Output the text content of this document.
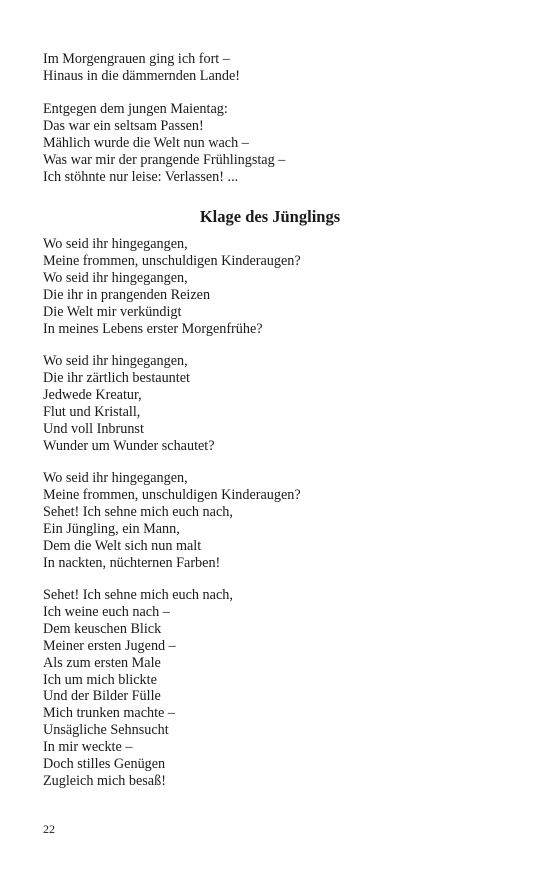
Im Morgengrauen ging ich fort –
Hinaus in die dämmernden Lande!
Entgegen dem jungen Maientag:
Das war ein seltsam Passen!
Mählich wurde die Welt nun wach –
Was war mir der prangende Frühlingstag –
Ich stöhnte nur leise: Verlassen! ...
Klage des Jünglings
Wo seid ihr hingegangen,
Meine frommen, unschuldigen Kinderaugen?
Wo seid ihr hingegangen,
Die ihr in prangenden Reizen
Die Welt mir verkündigt
In meines Lebens erster Morgenfrühe?
Wo seid ihr hingegangen,
Die ihr zärtlich bestauntet
Jedwede Kreatur,
Flut und Kristall,
Und voll Inbrunst
Wunder um Wunder schautet?
Wo seid ihr hingegangen,
Meine frommen, unschuldigen Kinderaugen?
Sehet! Ich sehne mich euch nach,
Ein Jüngling, ein Mann,
Dem die Welt sich nun malt
In nackten, nüchternen Farben!
Sehet! Ich sehne mich euch nach,
Ich weine euch nach –
Dem keuschen Blick
Meiner ersten Jugend –
Als zum ersten Male
Ich um mich blickte
Und der Bilder Fülle
Mich trunken machte –
Unsägliche Sehnsucht
In mir weckte –
Doch stilles Genügen
Zugleich mich besaß!
22
